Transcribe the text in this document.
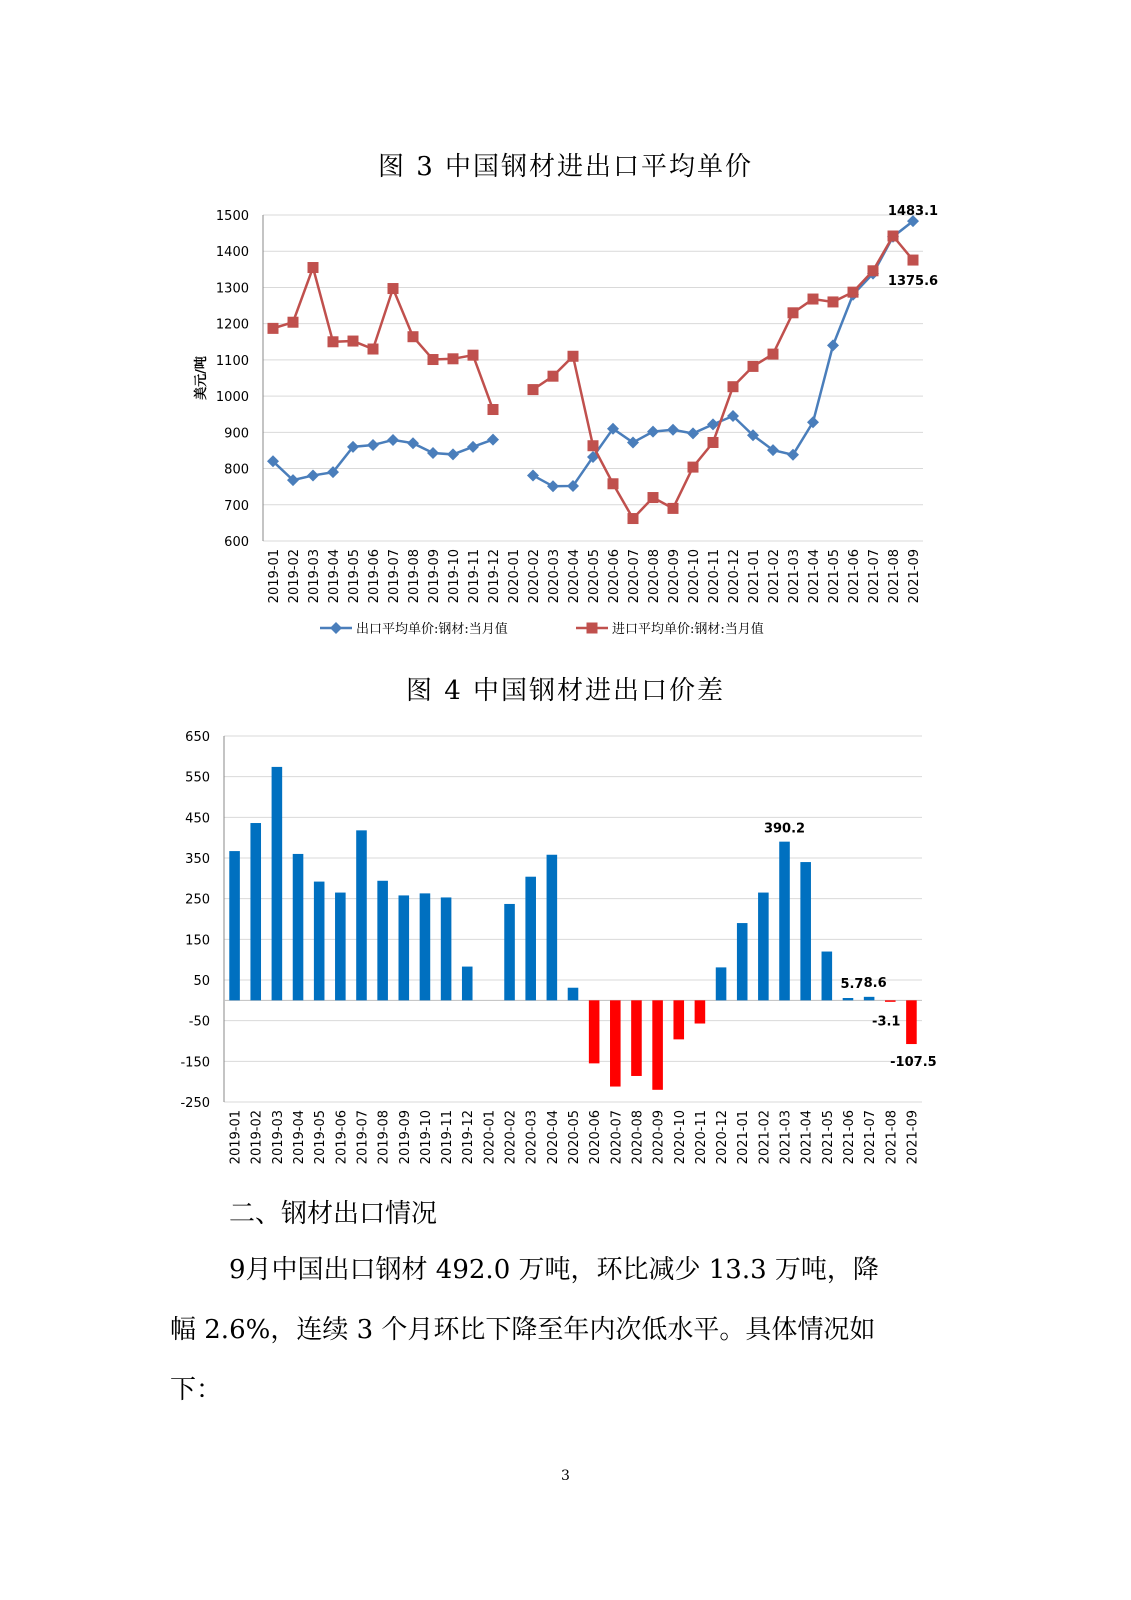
图 3 中国钢材进出口平均单价
600
700
800
900
1000
1100
1200
1300
1400
1500
2019-01 2019-02 2019-03 2019-04 2019-05 2019-06 2019-07 2019-08 2019-09 2019-10 2019-11 2019-12 2020-01 2020-02 2020-03 2020-04 2020-05 2020-06 2020-07 2020-08 2020-09 2020-10 2020-11 2020-12 2021-01 2021-02 2021-03 2021-04 2021-05 2021-06 2021-07 2021-08 2021-09
美元/吨
1483.1
1375.6
出口平均单价:钢材:当月值	进口平均单价:钢材:当月值
图 4 中国钢材进出口价差
-250
-150
-50
50
150
250
350
450
550
650
2019-01 2019-02 2019-03 2019-04 2019-05 2019-06 2019-07 2019-08 2019-09 2019-10 2019-11 2019-12 2020-01 2020-02 2020-03 2020-04 2020-05 2020-06 2020-07 2020-08 2020-09 2020-10 2020-11 2020-12 2021-01 2021-02 2021-03 2021-04 2021-05 2021-06 2021-07 2021-08 2021-09
390.2
5.7 8.6
-3.1
-107.5
二、钢材出口情况
9月中国出口钢材 492.0 万吨，环比减少 13.3 万吨，降
幅 2.6%，连续 3 个月环比下降至年内次低水平。具体情况如
下：
3
